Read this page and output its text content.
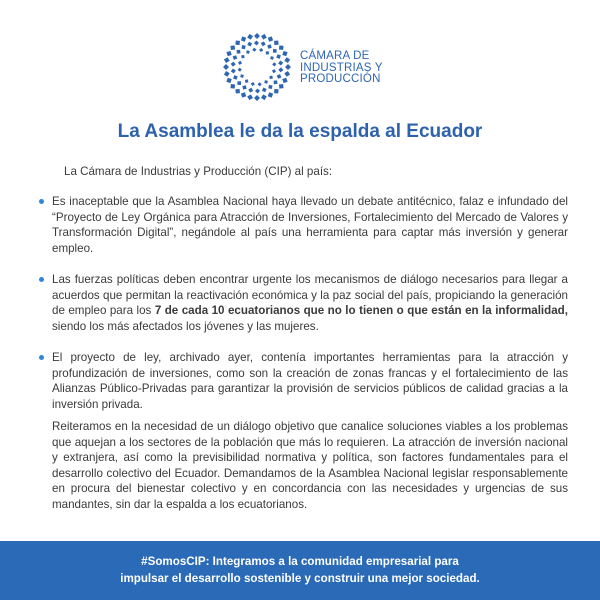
CÁMARA DE
INDUSTRIAS Y
PRODUCCIÓN
La Asamblea le da la espalda al Ecuador

La Cámara de Industrias y Producción (CIP) al país:

Es inaceptable que la Asamblea Nacional haya llevado un debate antitécnico, falaz e infundado del “Proyecto de Ley Orgánica para Atracción de Inversiones, Fortalecimiento del Mercado de Valores y Transformación Digital”, negándole al país una herramienta para captar más inversión y generar empleo.
Las fuerzas políticas deben encontrar urgente los mecanismos de diálogo necesarios para llegar a acuerdos que permitan la reactivación económica y la paz social del país, propiciando la generación de empleo para los 7 de cada 10 ecuatorianos que no lo tienen o que están en la informalidad, siendo los más afectados los jóvenes y las mujeres.
El proyecto de ley, archivado ayer, contenía importantes herramientas para la atracción y profundización de inversiones, como son la creación de zonas francas y el fortalecimiento de las Alianzas Público-Privadas para garantizar la provisión de servicios públicos de calidad gracias a la inversión privada.

Reiteramos en la necesidad de un diálogo objetivo que canalice soluciones viables a los problemas que aquejan a los sectores de la población que más lo requieren. La atracción de inversión nacional y extranjera, así como la previsibilidad normativa y política, son factores fundamentales para el desarrollo colectivo del Ecuador. Demandamos de la Asamblea Nacional legislar responsablemente en procura del bienestar colectivo y en concordancia con las necesidades y urgencias de sus mandantes, sin dar la espalda a los ecuatorianos.

#SomosCIP: Integramos a la comunidad empresarial para
impulsar el desarrollo sostenible y construir una mejor sociedad.
